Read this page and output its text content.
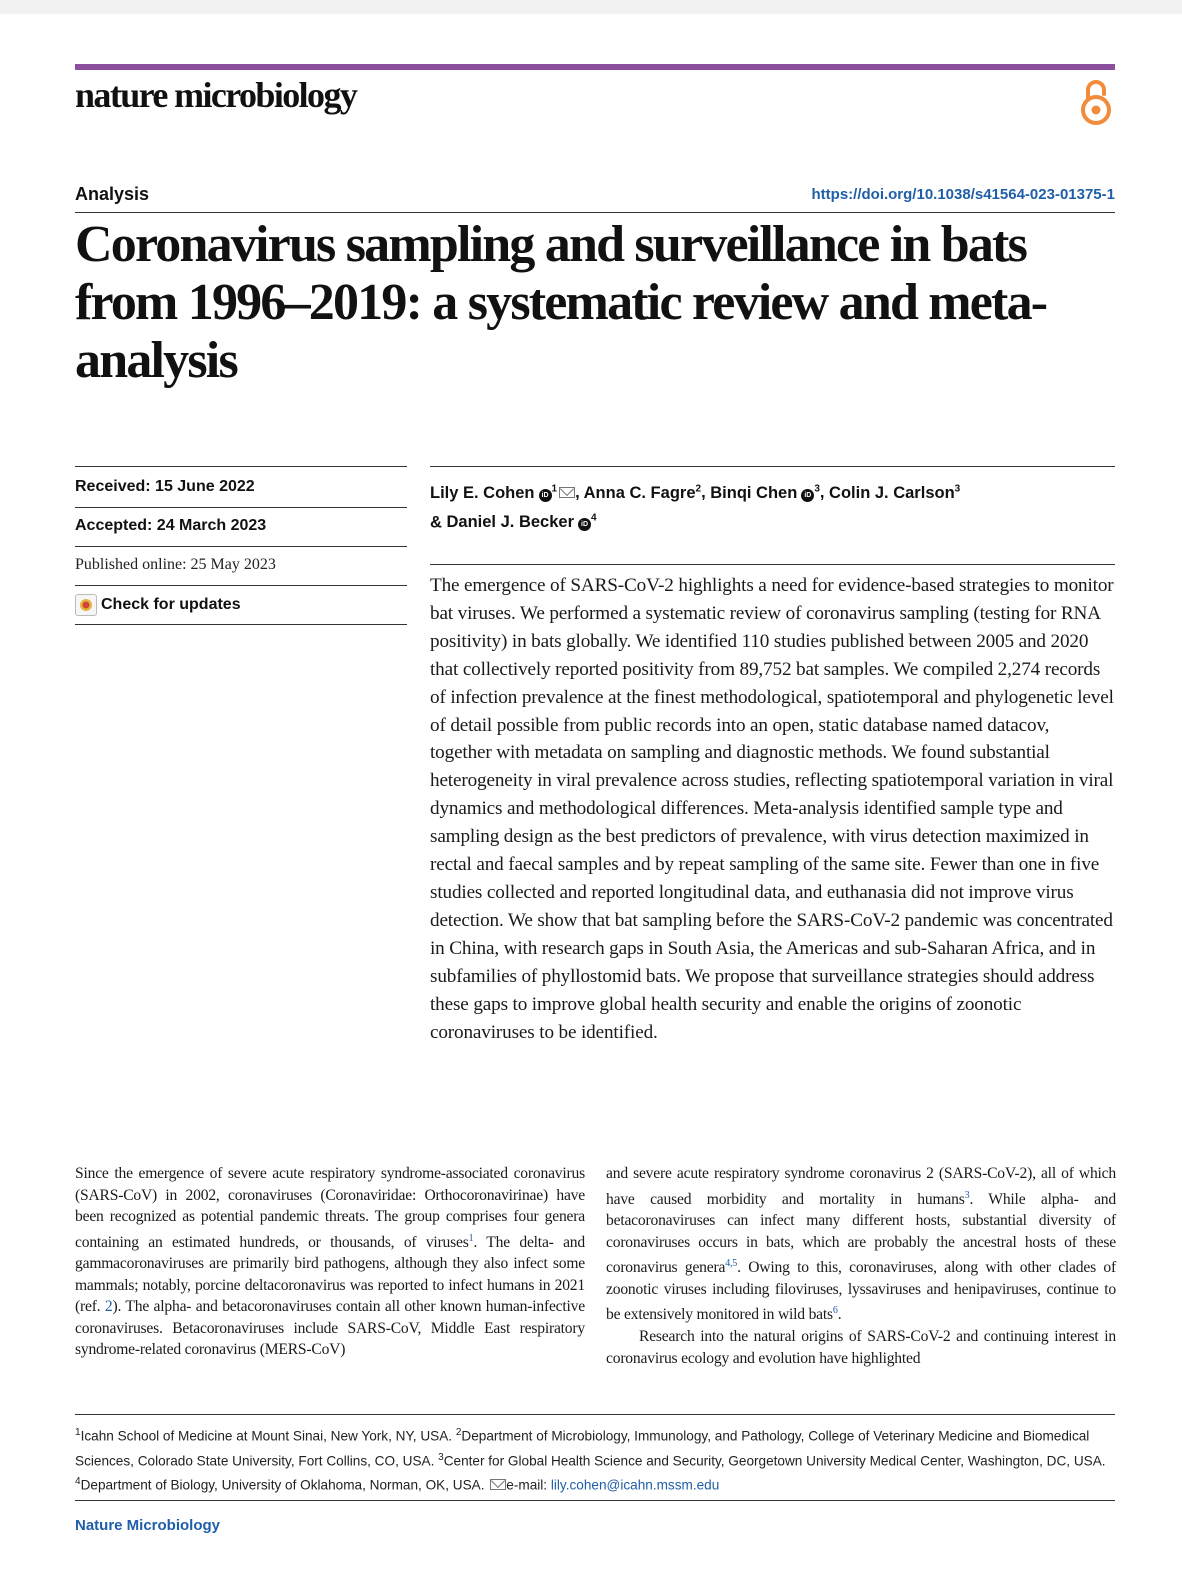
nature microbiology
Analysis	https://doi.org/10.1038/s41564-023-01375-1
Coronavirus sampling and surveillance in bats from 1996–2019: a systematic review and meta-analysis
Received: 15 June 2022
Accepted: 24 March 2023
Published online: 25 May 2023
Check for updates
Lily E. Cohen $iD^1$ , Anna C. Fagre$^2$, Binqi Chen $iD^3$, Colin J. Carlson$^3$
& Daniel J. Becker $iD^4$

The emergence of SARS-CoV-2 highlights a need for evidence-based strategies to monitor bat viruses. We performed a systematic review of coronavirus sampling (testing for RNA positivity) in bats globally. We identified 110 studies published between 2005 and 2020 that collectively reported positivity from 89,752 bat samples. We compiled 2,274 records of infection prevalence at the finest methodological, spatiotemporal and phylogenetic level of detail possible from public records into an open, static database named datacov, together with metadata on sampling and diagnostic methods. We found substantial heterogeneity in viral prevalence across studies, reflecting spatiotemporal variation in viral dynamics and methodological differences. Meta-analysis identified sample type and sampling design as the best predictors of prevalence, with virus detection maximized in rectal and faecal samples and by repeat sampling of the same site. Fewer than one in five studies collected and reported longitudinal data, and euthanasia did not improve virus detection. We show that bat sampling before the SARS-CoV-2 pandemic was concentrated in China, with research gaps in South Asia, the Americas and sub-Saharan Africa, and in subfamilies of phyllostomid bats. We propose that surveillance strategies should address these gaps to improve global health security and enable the origins of zoonotic coronaviruses to be identified.

Since the emergence of severe acute respiratory syndrome-associated coronavirus (SARS-CoV) in 2002, coronaviruses (Coronaviridae: Orthocoronavirinae) have been recognized as potential pandemic threats. The group comprises four genera containing an estimated hundreds, or thousands, of viruses$^1$. The delta- and gammacoronaviruses are primarily bird pathogens, although they also infect some mammals; notably, porcine deltacoronavirus was reported to infect humans in 2021 (ref. 2). The alpha- and betacoronaviruses contain all other known human-infective coronaviruses. Betacoronaviruses include SARS-CoV, Middle East respiratory syndrome-related coronavirus (MERS-CoV)

and severe acute respiratory syndrome coronavirus 2 (SARS-CoV-2), all of which have caused morbidity and mortality in humans$^3$. While alpha- and betacoronaviruses can infect many different hosts, substantial diversity of coronaviruses occurs in bats, which are probably the ancestral hosts of these coronavirus genera$^{4,5}$. Owing to this, coronaviruses, along with other clades of zoonotic viruses including filoviruses, lyssaviruses and henipaviruses, continue to be extensively monitored in wild bats$^6$.

Research into the natural origins of SARS-CoV-2 and continuing interest in coronavirus ecology and evolution have highlighted

$^1$Icahn School of Medicine at Mount Sinai, New York, NY, USA. $^2$Department of Microbiology, Immunology, and Pathology, College of Veterinary Medicine and Biomedical Sciences, Colorado State University, Fort Collins, CO, USA. $^3$Center for Global Health Science and Security, Georgetown University Medical Center, Washington, DC, USA. $^4$Department of Biology, University of Oklahoma, Norman, OK, USA. e-mail: lily.cohen@icahn.mssm.edu

Nature Microbiology
